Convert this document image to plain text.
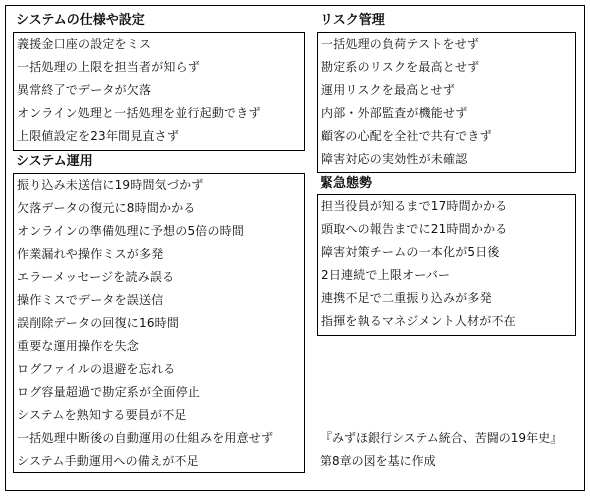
システムの仕様や設定
義援金口座の設定をミス
一括処理の上限を担当者が知らず
異常終了でデータが欠落
オンライン処理と一括処理を並行起動できず
上限値設定を23年間見直さず
システム運用
振り込み未送信に19時間気づかず
欠落データの復元に8時間かかる
オンラインの準備処理に予想の5倍の時間
作業漏れや操作ミスが多発
エラーメッセージを読み誤る
操作ミスでデータを誤送信
誤削除データの回復に16時間
重要な運用操作を失念
ログファイルの退避を忘れる
ログ容量超過で勘定系が全面停止
システムを熟知する要員が不足
一括処理中断後の自動運用の仕組みを用意せず
システム手動運用への備えが不足
リスク管理
一括処理の負荷テストをせず
勘定系のリスクを最高とせず
運用リスクを最高とせず
内部・外部監査が機能せず
顧客の心配を全社で共有できず
障害対応の実効性が未確認
緊急態勢
担当役員が知るまで17時間かかる
頭取への報告までに21時間かかる
障害対策チームの一本化が5日後
2日連続で上限オーバー
連携不足で二重振り込みが多発
指揮を執るマネジメント人材が不在
『みずほ銀行システム統合、苦闘の19年史』
第8章の図を基に作成
